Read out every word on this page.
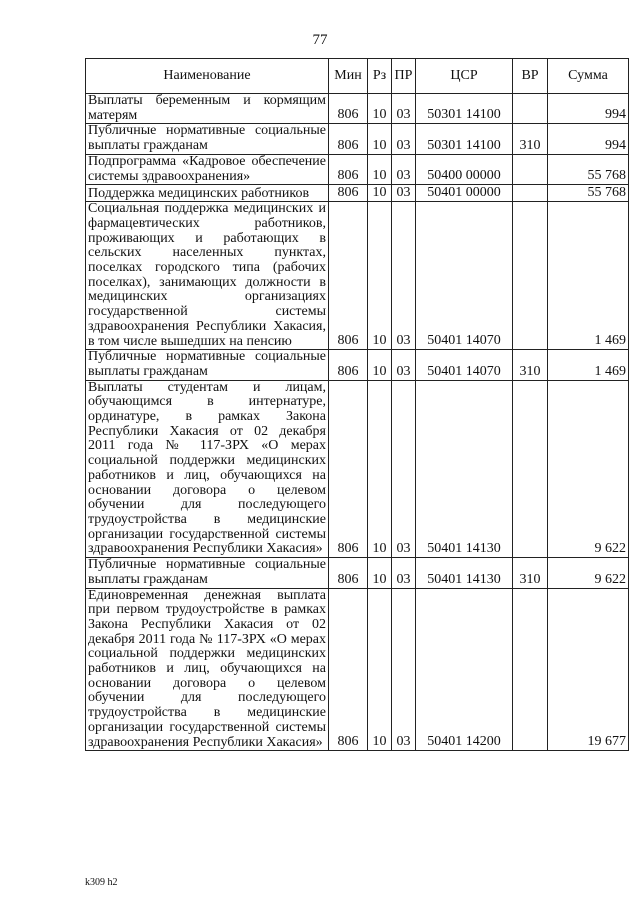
77
Наименование	Мин	Рз	ПР	ЦСР	ВР	Сумма
Выплаты беременным и кормящим матерям	806	10	03	50301 14100		994
Публичные нормативные социальные выплаты гражданам	806	10	03	50301 14100	310	994
Подпрограмма «Кадровое обеспечение системы здравоохранения»	806	10	03	50400 00000		55 768
Поддержка медицинских работников	806	10	03	50401 00000		55 768
Социальная поддержка медицинских и фармацевтических работников, проживающих и работающих в сельских населенных пунктах, поселках городского типа (рабочих поселках), занимающих должности в медицинских организациях государственной системы здравоохранения Республики Хакасия, в том числе вышедших на пенсию	806	10	03	50401 14070		1 469
Публичные нормативные социальные выплаты гражданам	806	10	03	50401 14070	310	1 469
Выплаты студентам и лицам, обучающимся в интернатуре, ординатуре, в рамках Закона Республики Хакасия от 02 декабря 2011 года № 117-ЗРХ «О мерах социальной поддержки медицинских работников и лиц, обучающихся на основании договора о целевом обучении для последующего трудоустройства в медицинские организации государственной системы здравоохранения Республики Хакасия»	806	10	03	50401 14130		9 622
Публичные нормативные социальные выплаты гражданам	806	10	03	50401 14130	310	9 622
Единовременная денежная выплата при первом трудоустройстве в рамках Закона Республики Хакасия от 02 декабря 2011 года № 117-ЗРХ «О мерах социальной поддержки медицинских работников и лиц, обучающихся на основании договора о целевом обучении для последующего трудоустройства в медицинские организации государственной системы здравоохранения Республики Хакасия»	806	10	03	50401 14200		19 677
k309 h2
